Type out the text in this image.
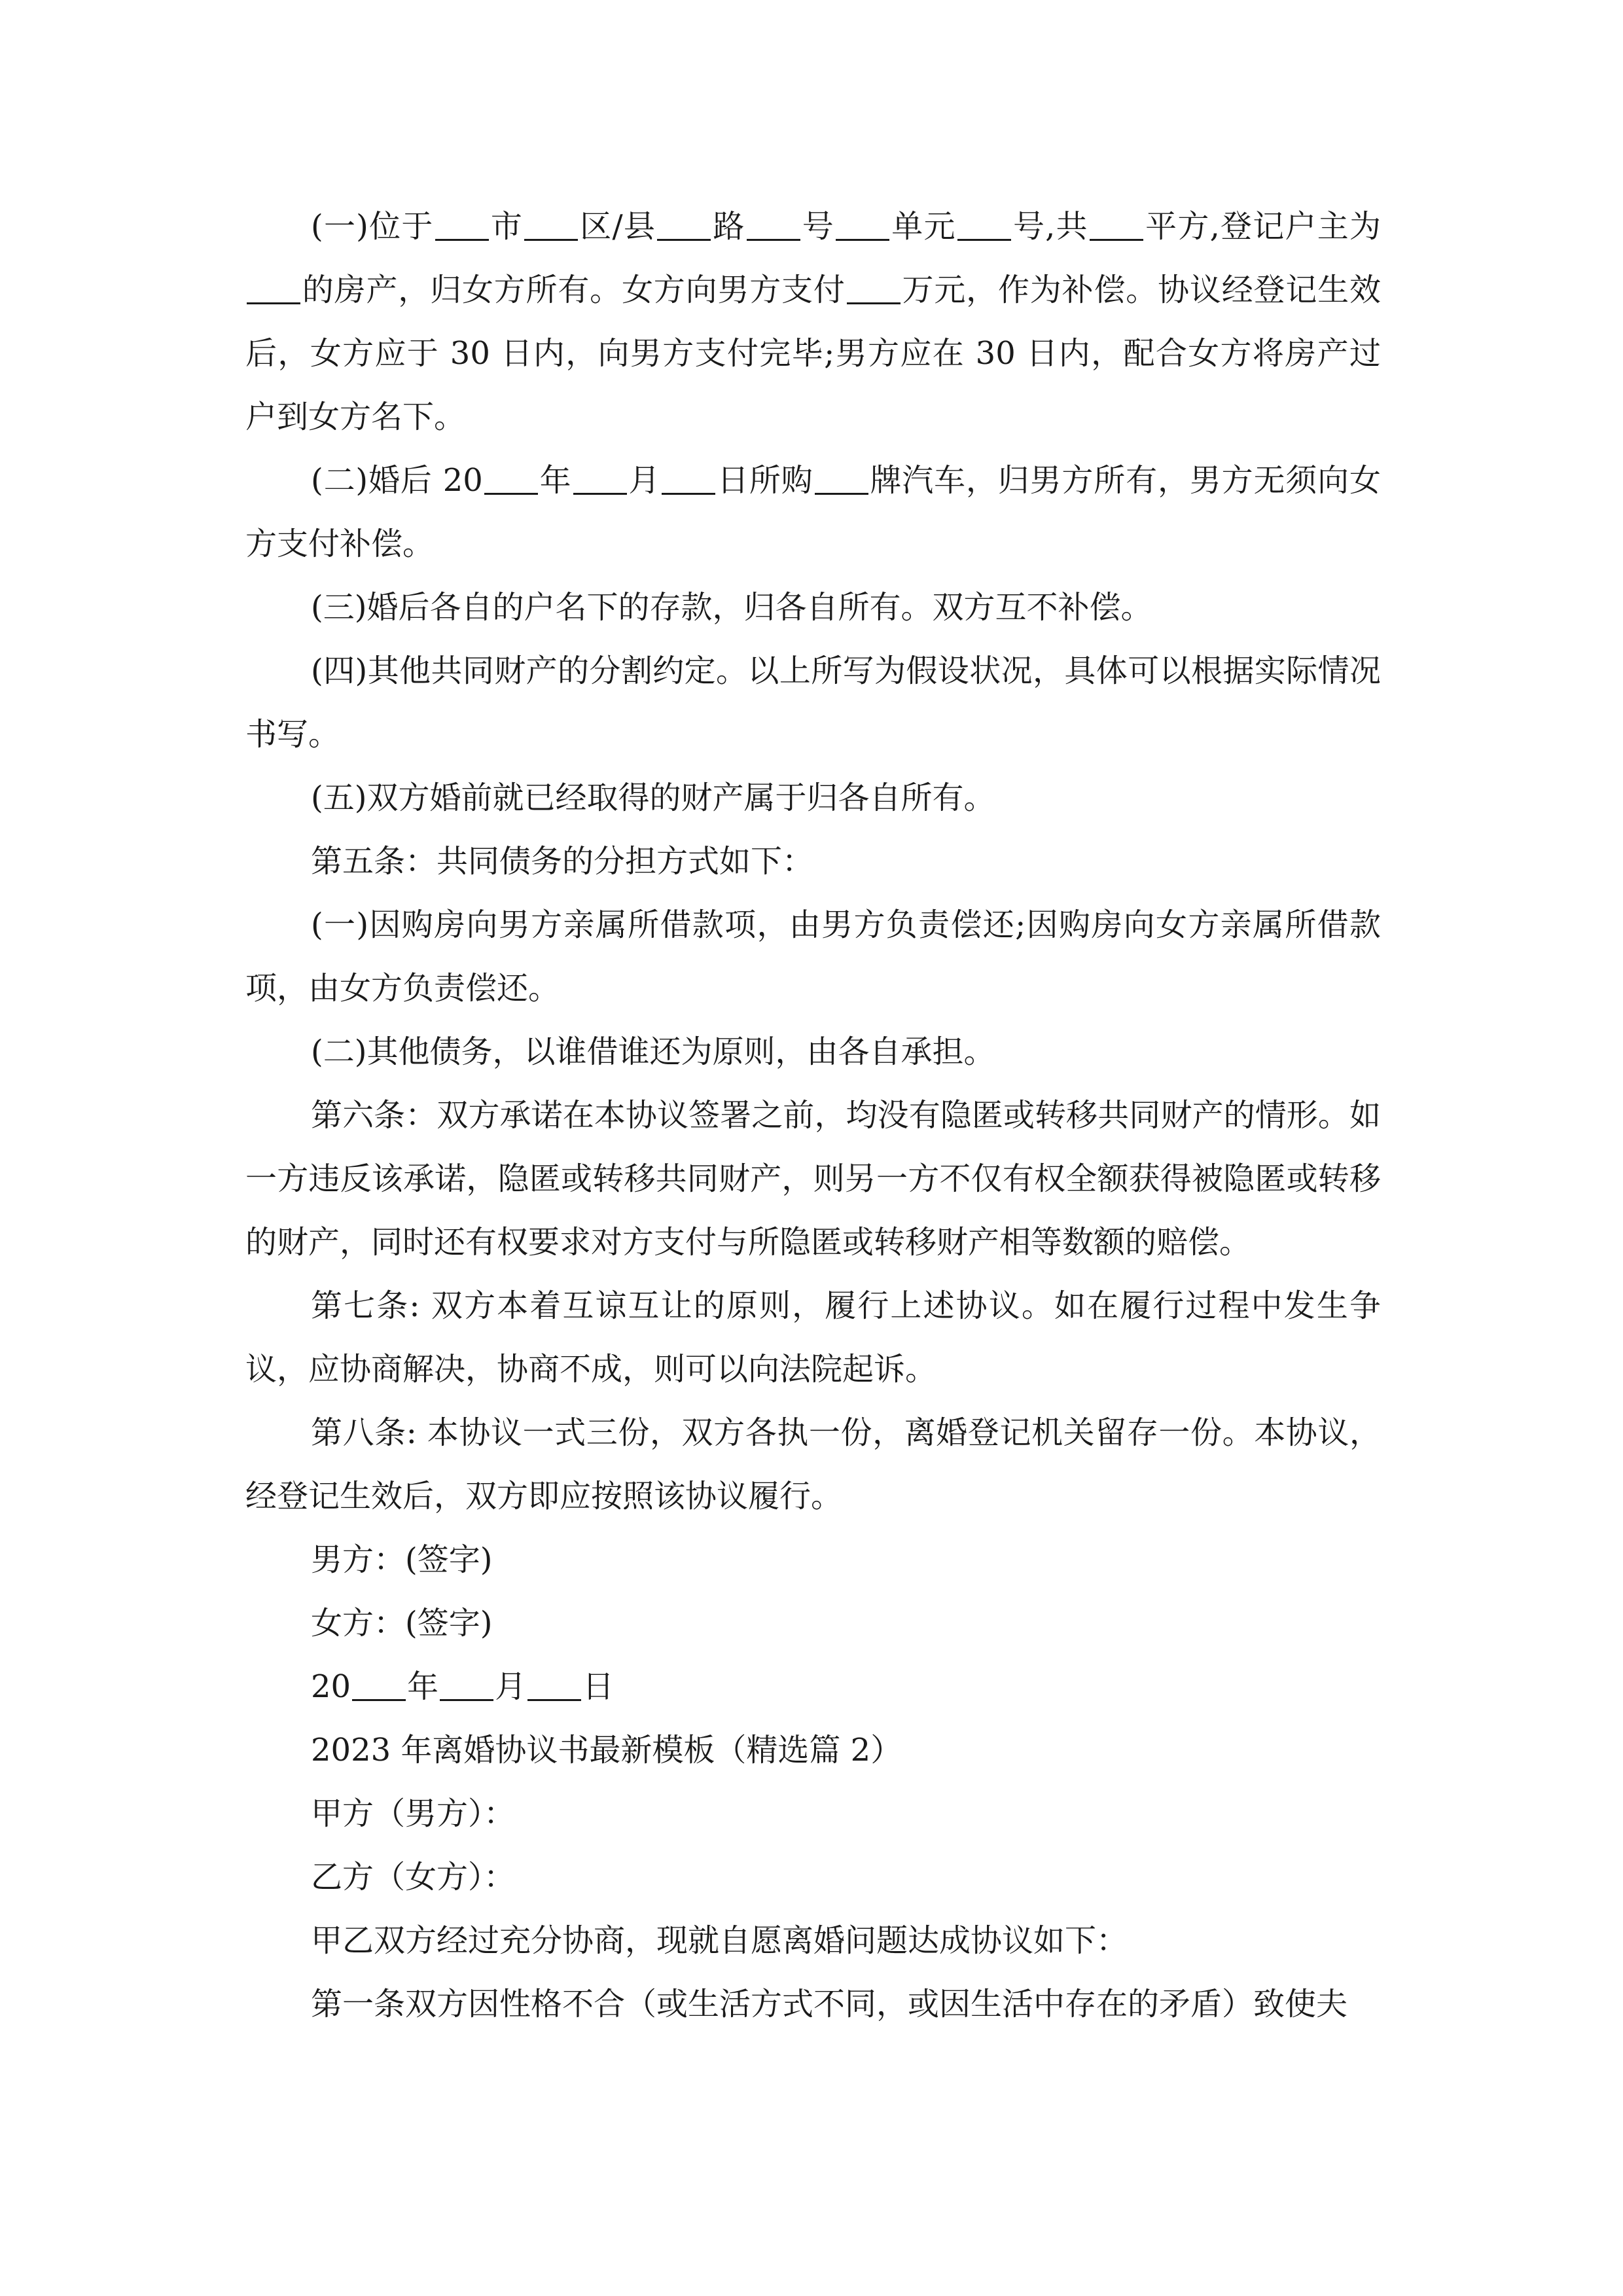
(一)位于 市 区/县 路 号 单元 号,共 平方,登记户主为的房产，归女方所有。女方向男方支付 万元，作为补偿。协议经登记生效后，女方应于 30 日内，向男方支付完毕;男方应在 30 日内，配合女方将房产过户到女方名下。

(二)婚后 20 年 月 日所购 牌汽车，归男方所有，男方无须向女方支付补偿。

(三)婚后各自的户名下的存款，归各自所有。双方互不补偿。

(四)其他共同财产的分割约定。以上所写为假设状况，具体可以根据实际情况书写。

(五)双方婚前就已经取得的财产属于归各自所有。

第五条：共同债务的分担方式如下：

(一)因购房向男方亲属所借款项，由男方负责偿还;因购房向女方亲属所借款项，由女方负责偿还。

(二)其他债务，以谁借谁还为原则，由各自承担。

第六条：双方承诺在本协议签署之前，均没有隐匿或转移共同财产的情形。如一方违反该承诺，隐匿或转移共同财产，则另一方不仅有权全额获得被隐匿或转移的财产，同时还有权要求对方支付与所隐匿或转移财产相等数额的赔偿。

第七条: 双方本着互谅互让的原则，履行上述协议。如在履行过程中发生争议，应协商解决，协商不成，则可以向法院起诉。

第八条: 本协议一式三份，双方各执一份，离婚登记机关留存一份。本协议，经登记生效后，双方即应按照该协议履行。

男方：(签字)

女方：(签字)

20 年 月 日

2023 年离婚协议书最新模板（精选篇 2）

甲方（男方）：

乙方（女方）：

甲乙双方经过充分协商，现就自愿离婚问题达成协议如下：

第一条双方因性格不合（或生活方式不同，或因生活中存在的矛盾）致使夫
